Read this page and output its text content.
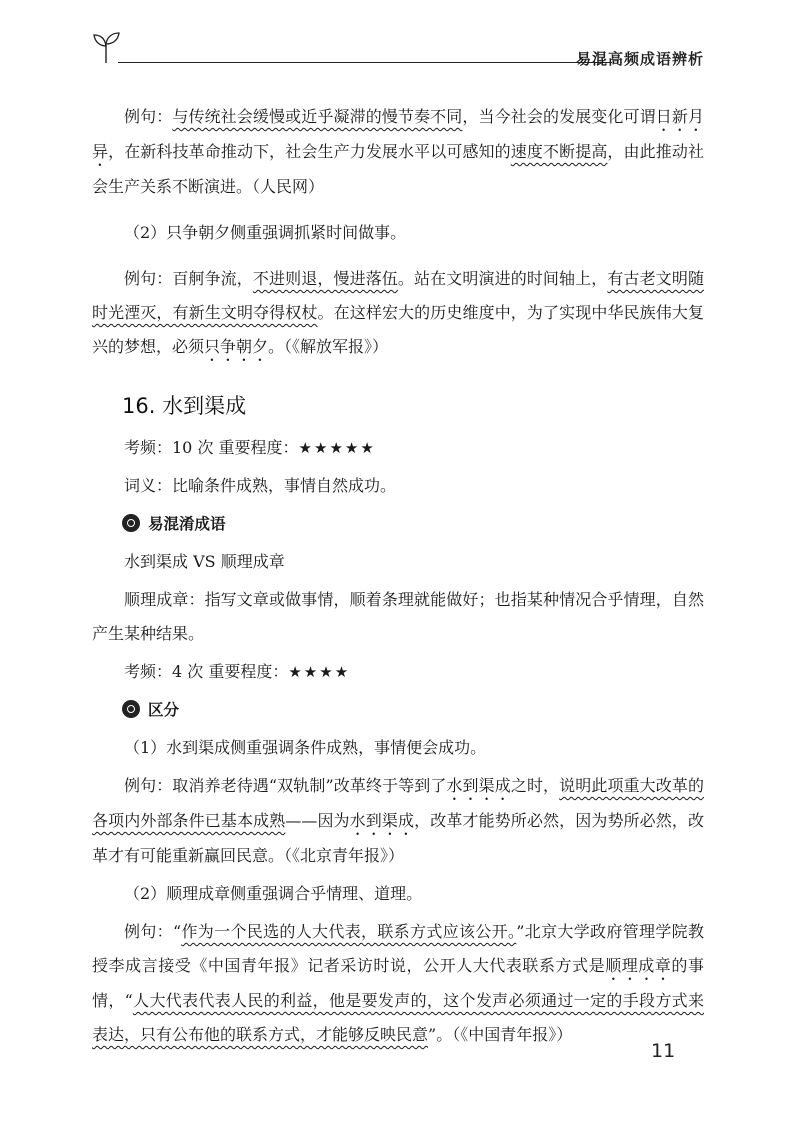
易混高频成语辨析

例句：与传统社会缓慢或近乎凝滞的慢节奏不同，当今社会的发展变化可谓日新月异，在新科技革命推动下，社会生产力发展水平以可感知的速度不断提高，由此推动社会生产关系不断演进。（人民网）

（2）只争朝夕侧重强调抓紧时间做事。

例句：百舸争流，不进则退，慢进落伍。站在文明演进的时间轴上，有古老文明随时光湮灭，有新生文明夺得权杖。在这样宏大的历史维度中，为了实现中华民族伟大复兴的梦想，必须只争朝夕。（《解放军报》）

16. 水到渠成

考频：10 次 重要程度：★★★★★

词义：比喻条件成熟，事情自然成功。

易混淆成语

水到渠成 VS 顺理成章

顺理成章：指写文章或做事情，顺着条理就能做好；也指某种情况合乎情理，自然产生某种结果。

考频：4 次 重要程度：★★★★

区分

（1）水到渠成侧重强调条件成熟，事情便会成功。

例句：取消养老待遇“双轨制”改革终于等到了水到渠成之时，说明此项重大改革的各项内外部条件已基本成熟——因为水到渠成，改革才能势所必然，因为势所必然，改革才有可能重新赢回民意。（《北京青年报》）

（2）顺理成章侧重强调合乎情理、道理。

例句：“作为一个民选的人大代表，联系方式应该公开。”北京大学政府管理学院教授李成言接受《中国青年报》记者采访时说，公开人大代表联系方式是顺理成章的事情，“人大代表代表人民的利益，他是要发声的，这个发声必须通过一定的手段方式来表达，只有公布他的联系方式，才能够反映民意”。（《中国青年报》）

11
